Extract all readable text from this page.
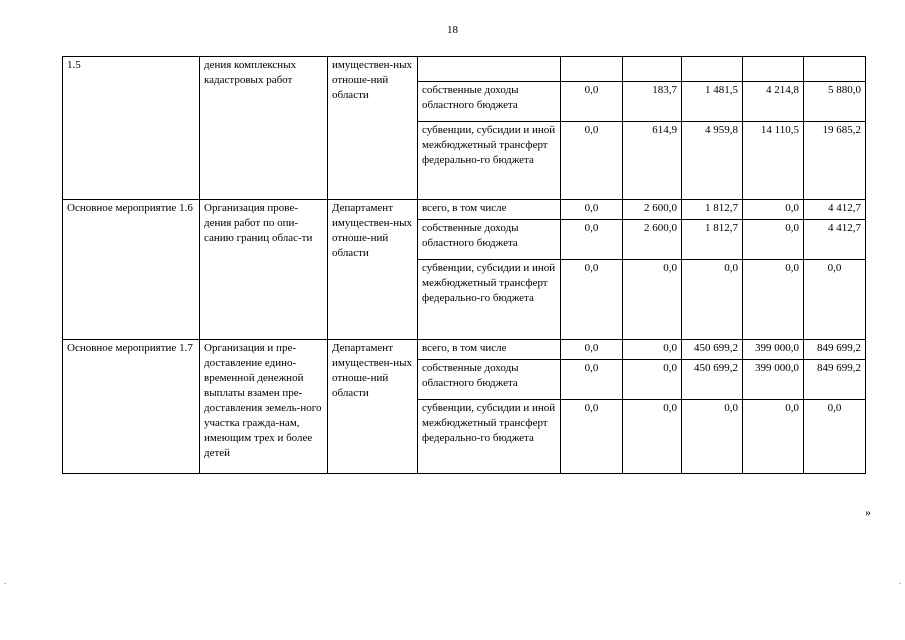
18
1.5	дения комплексных кадастровых работ	имуществен-ных отноше-ний области						
			собственные доходы областного бюджета	0,0	183,7	1 481,5	4 214,8	5 880,0
			субвенции, субсидии и иной межбюджетный трансферт федерально-го бюджета	0,0	614,9	4 959,8	14 110,5	19 685,2
Основное мероприятие 1.6	Организация прове-дения работ по опи-санию границ облас-ти	Департамент имуществен-ных отноше-ний области	всего, в том числе	0,0	2 600,0	1 812,7	0,0	4 412,7
			собственные доходы областного бюджета	0,0	2 600,0	1 812,7	0,0	4 412,7
			субвенции, субсидии и иной межбюджетный трансферт федерально-го бюджета	0,0	0,0	0,0	0,0	0,0
Основное мероприятие 1.7	Организация и пре-доставление едино-временной денежной выплаты взамен пре-доставления земель-ного участка гражда-нам, имеющим трех и более детей	Департамент имуществен-ных отноше-ний области	всего, в том числе	0,0	0,0	450 699,2	399 000,0	849 699,2
			собственные доходы областного бюджета	0,0	0,0	450 699,2	399 000,0	849 699,2
			субвенции, субсидии и иной межбюджетный трансферт федерально-го бюджета	0,0	0,0	0,0	0,0	0,0
»
